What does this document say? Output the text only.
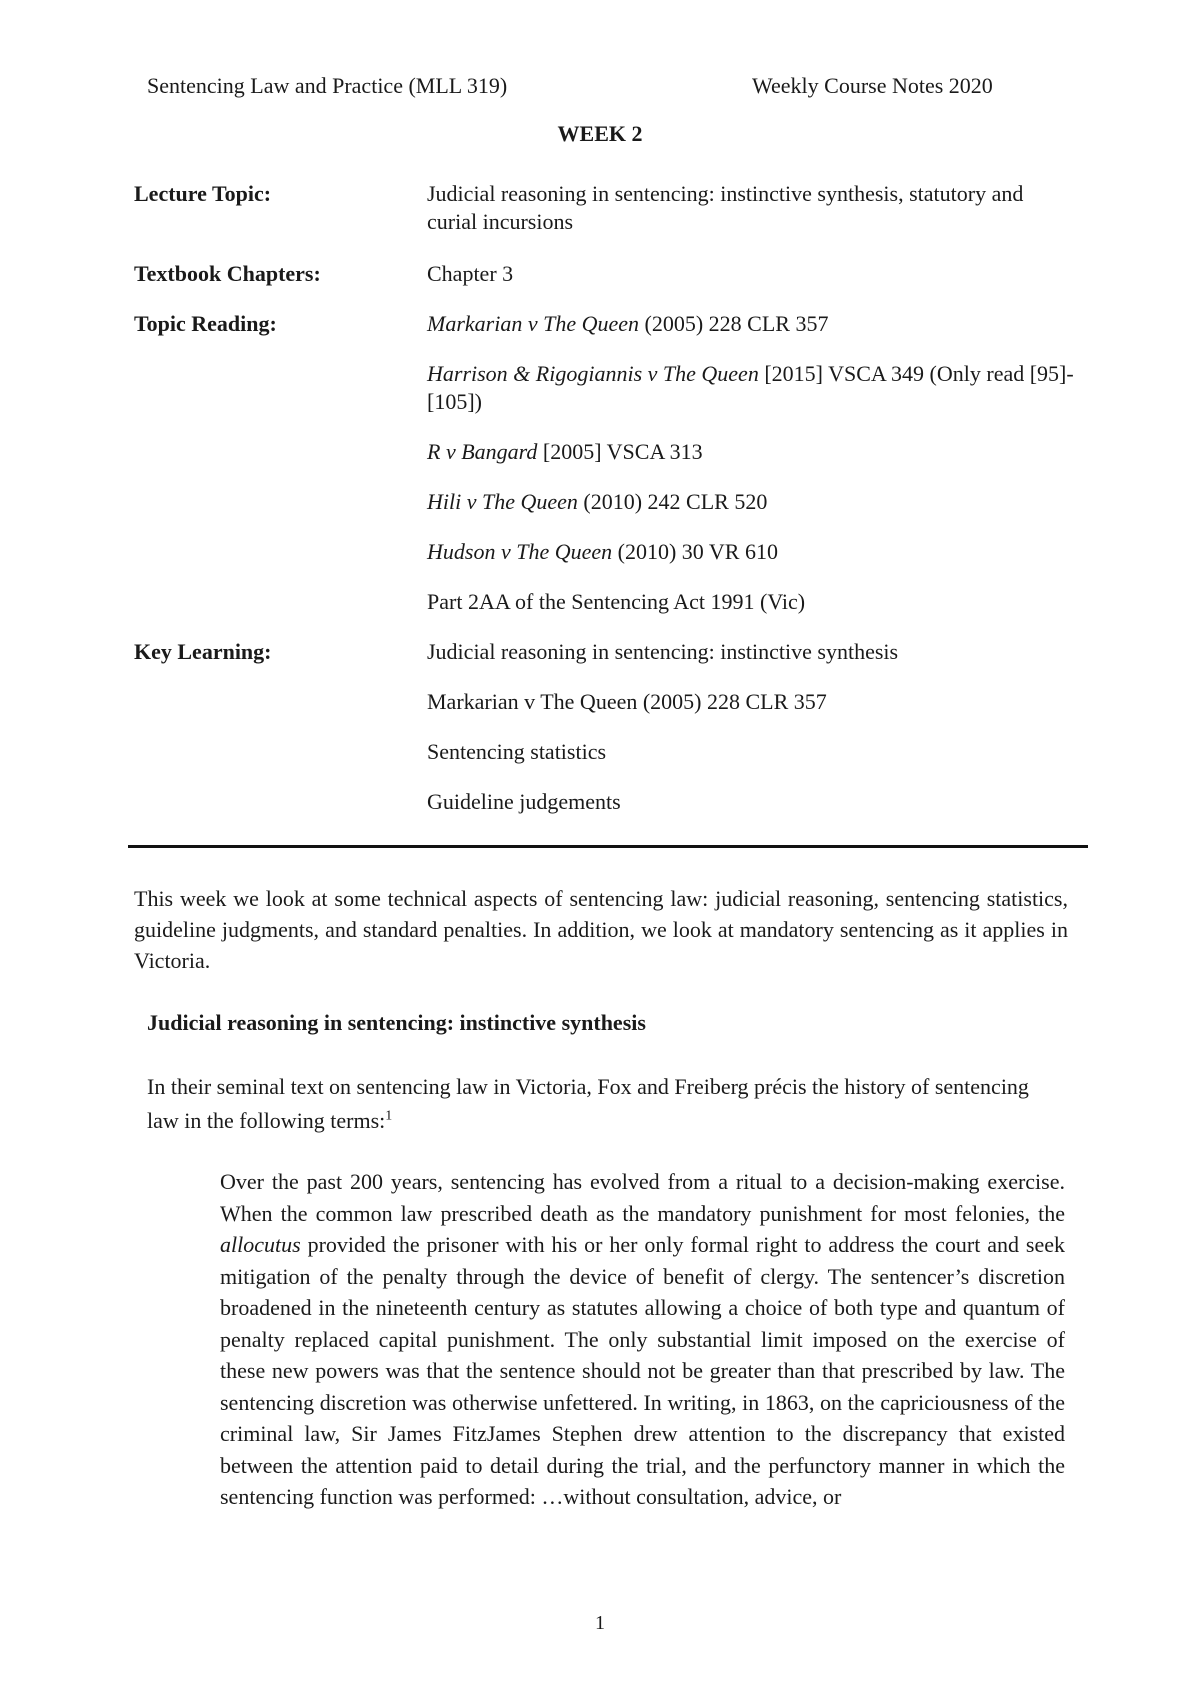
Sentencing Law and Practice (MLL 319)	Weekly Course Notes 2020
WEEK 2
Lecture Topic:	Judicial reasoning in sentencing: instinctive synthesis, statutory and curial incursions
Textbook Chapters:	Chapter 3
Topic Reading:	Markarian v The Queen (2005) 228 CLR 357
Harrison & Rigogiannis v The Queen [2015] VSCA 349 (Only read [95]-[105])
R v Bangard [2005] VSCA 313
Hili v The Queen (2010) 242 CLR 520
Hudson v The Queen (2010) 30 VR 610
Part 2AA of the Sentencing Act 1991 (Vic)
Key Learning:	Judicial reasoning in sentencing: instinctive synthesis
Markarian v The Queen (2005) 228 CLR 357
Sentencing statistics
Guideline judgements
This week we look at some technical aspects of sentencing law: judicial reasoning, sentencing statistics, guideline judgments, and standard penalties. In addition, we look at mandatory sentencing as it applies in Victoria.
Judicial reasoning in sentencing: instinctive synthesis
In their seminal text on sentencing law in Victoria, Fox and Freiberg précis the history of sentencing law in the following terms:$^1$
Over the past 200 years, sentencing has evolved from a ritual to a decision-making exercise. When the common law prescribed death as the mandatory punishment for most felonies, the allocutus provided the prisoner with his or her only formal right to address the court and seek mitigation of the penalty through the device of benefit of clergy. The sentencer’s discretion broadened in the nineteenth century as statutes allowing a choice of both type and quantum of penalty replaced capital punishment. The only substantial limit imposed on the exercise of these new powers was that the sentence should not be greater than that prescribed by law. The sentencing discretion was otherwise unfettered. In writing, in 1863, on the capriciousness of the criminal law, Sir James FitzJames Stephen drew attention to the discrepancy that existed between the attention paid to detail during the trial, and the perfunctory manner in which the sentencing function was performed: …without consultation, advice, or
1
